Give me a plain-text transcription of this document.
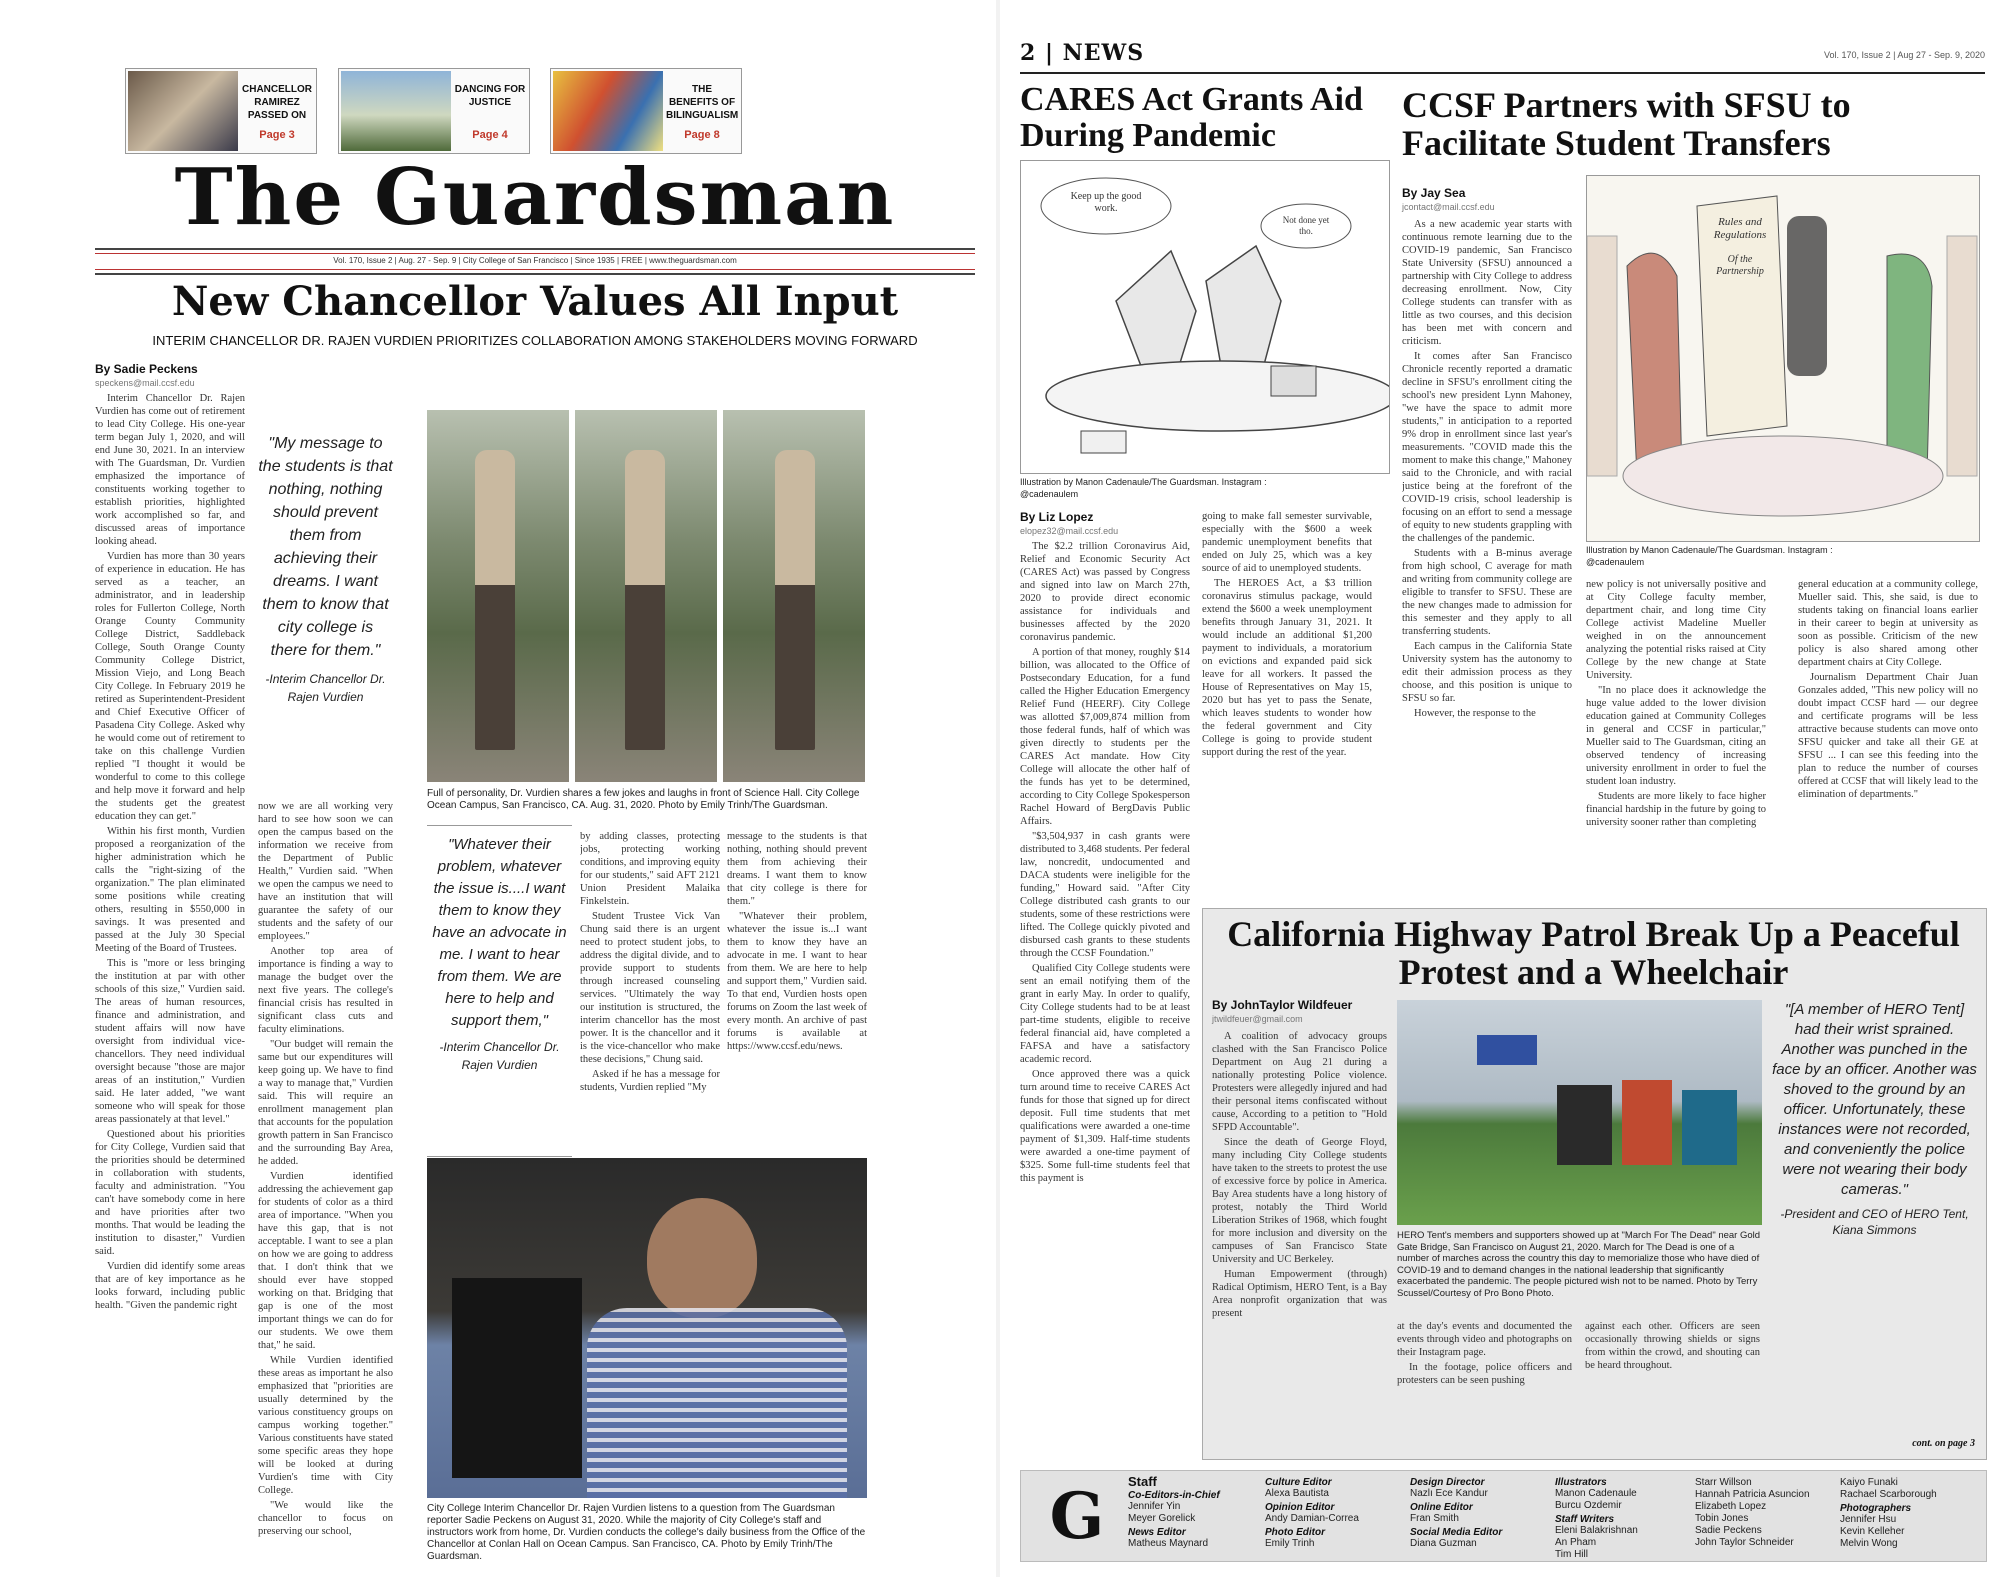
CHANCELLOR RAMIREZ PASSED ON
Page 3
DANCING FOR JUSTICE
Page 4
THE BENEFITS OF BILINGUALISM
Page 8
The Guardsman
Vol. 170, Issue 2 | Aug. 27 - Sep. 9 | City College of San Francisco | Since 1935 | FREE | www.theguardsman.com
New Chancellor Values All Input
INTERIM CHANCELLOR DR. RAJEN VURDIEN PRIORITIZES COLLABORATION AMONG STAKEHOLDERS MOVING FORWARD
By Sadie Peckens
speckens@mail.ccsf.edu

Interim Chancellor Dr. Rajen Vurdien has come out of retirement to lead City College. His one-year term began July 1, 2020, and will end June 30, 2021. In an interview with The Guardsman, Dr. Vurdien emphasized the importance of constituents working together to establish priorities, highlighted work accomplished so far, and discussed areas of importance looking ahead.

Vurdien has more than 30 years of experience in education. He has served as a teacher, an administrator, and in leadership roles for Fullerton College, North Orange County Community College District, Saddleback College, South Orange County Community College District, Mission Viejo, and Long Beach City College. In February 2019 he retired as Superintendent-President and Chief Executive Officer of Pasadena City College. Asked why he would come out of retirement to take on this challenge Vurdien replied "I thought it would be wonderful to come to this college and help move it forward and help the students get the greatest education they can get."

Within his first month, Vurdien proposed a reorganization of the higher administration which he calls the "right-sizing of the organization." The plan eliminated some positions while creating others, resulting in $550,000 in savings. It was presented and passed at the July 30 Special Meeting of the Board of Trustees.

This is "more or less bringing the institution at par with other schools of this size," Vurdien said. The areas of human resources, finance and administration, and student affairs will now have oversight from individual vice-chancellors. They need individual oversight because "those are major areas of an institution," Vurdien said. He later added, "we want someone who will speak for those areas passionately at that level."

Questioned about his priorities for City College, Vurdien said that the priorities should be determined in collaboration with students, faculty and administration. "You can't have somebody come in here and have priorities after two months. That would be leading the institution to disaster," Vurdien said.

Vurdien did identify some areas that are of key importance as he looks forward, including public health. "Given the pandemic right

"My message to the students is that nothing, nothing should prevent them from achieving their dreams. I want them to know that city college is there for them."
-Interim Chancellor Dr. Rajen Vurdien

now we are all working very hard to see how soon we can open the campus based on the information we receive from the Department of Public Health," Vurdien said. "When we open the campus we need to have an institution that will guarantee the safety of our students and the safety of our employees."

Another top area of importance is finding a way to manage the budget over the next five years. The college's financial crisis has resulted in significant class cuts and faculty eliminations.

"Our budget will remain the same but our expenditures will keep going up. We have to find a way to manage that," Vurdien said. This will require an enrollment management plan that accounts for the population growth pattern in San Francisco and the surrounding Bay Area, he added.

Vurdien identified addressing the achievement gap for students of color as a third area of importance. "When you have this gap, that is not acceptable. I want to see a plan on how we are going to address that. I don't think that we should ever have stopped working on that. Bridging that gap is one of the most important things we can do for our students. We owe them that," he said.

While Vurdien identified these areas as important he also emphasized that "priorities are usually determined by the various constituency groups on campus working together." Various constituents have stated some specific areas they hope will be looked at during Vurdien's time with City College.

"We would like the chancellor to focus on preserving our school,

Full of personality, Dr. Vurdien shares a few jokes and laughs in front of Science Hall. City College Ocean Campus, San Francisco, CA. Aug. 31, 2020. Photo by Emily Trinh/The Guardsman.
"Whatever their problem, whatever the issue is....I want them to know they have an advocate in me. I want to hear from them. We are here to help and support them,"
-Interim Chancellor Dr. Rajen Vurdien

by adding classes, protecting jobs, protecting working conditions, and improving equity for our students," said AFT 2121 Union President Malaika Finkelstein.

Student Trustee Vick Van Chung said there is an urgent need to protect student jobs, to address the digital divide, and to provide support to students through increased counseling services. "Ultimately the way our institution is structured, the interim chancellor has the most power. It is the chancellor and it is the vice-chancellor who make these decisions," Chung said.

Asked if he has a message for students, Vurdien replied "My

message to the students is that nothing, nothing should prevent them from achieving their dreams. I want them to know that city college is there for them."

"Whatever their problem, whatever the issue is...I want them to know they have an advocate in me. I want to hear from them. We are here to help and support them," Vurdien said. To that end, Vurdien hosts open forums on Zoom the last week of every month. An archive of past forums is available at https://www.ccsf.edu/news.

City College Interim Chancellor Dr. Rajen Vurdien listens to a question from The Guardsman reporter Sadie Peckens on August 31, 2020. While the majority of City College's staff and instructors work from home, Dr. Vurdien conducts the college's daily business from the Office of the Chancellor at Conlan Hall on Ocean Campus. San Francisco, CA. Photo by Emily Trinh/The Guardsman.
2 | NEWS	Vol. 170, Issue 2 | Aug 27 - Sep. 9, 2020
CARES Act Grants Aid During Pandemic
Keep up the good work.
Not done yet tho.
Illustration by Manon Cadenaule/The Guardsman. Instagram : @cadenaulem
By Liz Lopez
elopez32@mail.ccsf.edu

The $2.2 trillion Coronavirus Aid, Relief and Economic Security Act (CARES Act) was passed by Congress and signed into law on March 27th, 2020 to provide direct economic assistance for individuals and businesses affected by the 2020 coronavirus pandemic.

A portion of that money, roughly $14 billion, was allocated to the Office of Postsecondary Education, for a fund called the Higher Education Emergency Relief Fund (HEERF). City College was allotted $7,009,874 million from those federal funds, half of which was given directly to students per the CARES Act mandate. How City College will allocate the other half of the funds has yet to be determined, according to City College Spokesperson Rachel Howard of BergDavis Public Affairs.

"$3,504,937 in cash grants were distributed to 3,468 students. Per federal law, noncredit, undocumented and DACA students were ineligible for the funding," Howard said. "After City College distributed cash grants to our students, some of these restrictions were lifted. The College quickly pivoted and disbursed cash grants to these students through the CCSF Foundation."

Qualified City College students were sent an email notifying them of the grant in early May. In order to qualify, City College students had to be at least part-time students, eligible to receive federal financial aid, have completed a FAFSA and have a satisfactory academic record.

Once approved there was a quick turn around time to receive CARES Act funds for those that signed up for direct deposit. Full time students that met qualifications were awarded a one-time payment of $1,309. Half-time students were awarded a one-time payment of $325. Some full-time students feel that this payment is

going to make fall semester survivable, especially with the $600 a week pandemic unemployment benefits that ended on July 25, which was a key source of aid to unemployed students.

The HEROES Act, a $3 trillion coronavirus stimulus package, would extend the $600 a week unemployment benefits through January 31, 2021. It would include an additional $1,200 payment to individuals, a moratorium on evictions and expanded paid sick leave for all workers. It passed the House of Representatives on May 15, 2020 but has yet to pass the Senate, which leaves students to wonder how the federal government and City College is going to provide student support during the rest of the year.

CCSF Partners with SFSU to Facilitate Student Transfers
By Jay Sea
jcontact@mail.ccsf.edu

As a new academic year starts with continuous remote learning due to the COVID-19 pandemic, San Francisco State University (SFSU) announced a partnership with City College to address decreasing enrollment. Now, City College students can transfer with as little as two courses, and this decision has been met with concern and criticism.

It comes after San Francisco Chronicle recently reported a dramatic decline in SFSU's enrollment citing the school's new president Lynn Mahoney, "we have the space to admit more students," in anticipation to a reported 9% drop in enrollment since last year's measurements. "COVID made this the moment to make this change," Mahoney said to the Chronicle, and with racial justice being at the forefront of the COVID-19 crisis, school leadership is focusing on an effort to send a message of equity to new students grappling with the challenges of the pandemic.

Students with a B-minus average from high school, C average for math and writing from community college are eligible to transfer to SFSU. These are the new changes made to admission for this semester and they apply to all transferring students.

Each campus in the California State University system has the autonomy to edit their admission process as they choose, and this position is unique to SFSU so far.

However, the response to the

Rules and Regulations
Of the Partnership
Illustration by Manon Cadenaule/The Guardsman. Instagram : @cadenaulem

new policy is not universally positive and at City College faculty member, department chair, and long time City College activist Madeline Mueller weighed in on the announcement analyzing the potential risks raised at City College by the new change at State University.

"In no place does it acknowledge the huge value added to the lower division education gained at Community Colleges in general and CCSF in particular," Mueller said to The Guardsman, citing an observed tendency of increasing university enrollment in order to fuel the student loan industry.

Students are more likely to face higher financial hardship in the future by going to university sooner rather than completing

general education at a community college, Mueller said. This, she said, is due to students taking on financial loans earlier in their career to begin at university as soon as possible. Criticism of the new policy is also shared among other department chairs at City College.

Journalism Department Chair Juan Gonzales added, "This new policy will no doubt impact CCSF hard — our degree and certificate programs will be less attractive because students can move onto SFSU quicker and take all their GE at SFSU ... I can see this feeding into the plan to reduce the number of courses offered at CCSF that will likely lead to the elimination of departments."

California Highway Patrol Break Up a Peaceful Protest and a Wheelchair
By JohnTaylor Wildfeuer
jtwildfeuer@gmail.com

A coalition of advocacy groups clashed with the San Francisco Police Department on Aug 21 during a nationally protesting Police violence. Protesters were allegedly injured and had their personal items confiscated without cause, According to a petition to "Hold SFPD Accountable".

Since the death of George Floyd, many including City College students have taken to the streets to protest the use of excessive force by police in America. Bay Area students have a long history of protest, notably the Third World Liberation Strikes of 1968, which fought for more inclusion and diversity on the campuses of San Francisco State University and UC Berkeley.

Human Empowerment (through) Radical Optimism, HERO Tent, is a Bay Area nonprofit organization that was present

HERO Tent's members and supporters showed up at "March For The Dead" near Gold Gate Bridge, San Francisco on August 21, 2020. March for The Dead is one of a number of marches across the country this day to memorialize those who have died of COVID-19 and to demand changes in the national leadership that significantly exacerbated the pandemic. The people pictured wish not to be named. Photo by Terry Scussel/Courtesy of Pro Bono Photo.

at the day's events and documented the events through video and photographs on their Instagram page.

In the footage, police officers and protesters can be seen pushing

against each other. Officers are seen occasionally throwing shields or signs from within the crowd, and shouting can be heard throughout.

"[A member of HERO Tent] had their wrist sprained. Another was punched in the face by an officer. Another was shoved to the ground by an officer. Unfortunately, these instances were not recorded, and conveniently the police were not wearing their body cameras."
-President and CEO of HERO Tent, Kiana Simmons
cont. on page 3
G	Staff
Co-Editors-in-Chief
Jennifer Yin
Meyer Gorelick
News Editor
Matheus Maynard
Culture Editor
Alexa Bautista
Opinion Editor
Andy Damian-Correa
Photo Editor
Emily Trinh
Design Director
Nazlı Ece Kandur
Online Editor
Fran Smith
Social Media Editor
Diana Guzman
Illustrators
Manon Cadenaule
Burcu Ozdemir
Staff Writers
Eleni Balakrishnan
An Pham
Tim Hill
Starr Willson
Hannah Patricia Asuncion
Elizabeth Lopez
Tobin Jones
Sadie Peckens
John Taylor Schneider
Kaiyo Funaki
Rachael Scarborough
Photographers
Jennifer Hsu
Kevin Kelleher
Melvin Wong
